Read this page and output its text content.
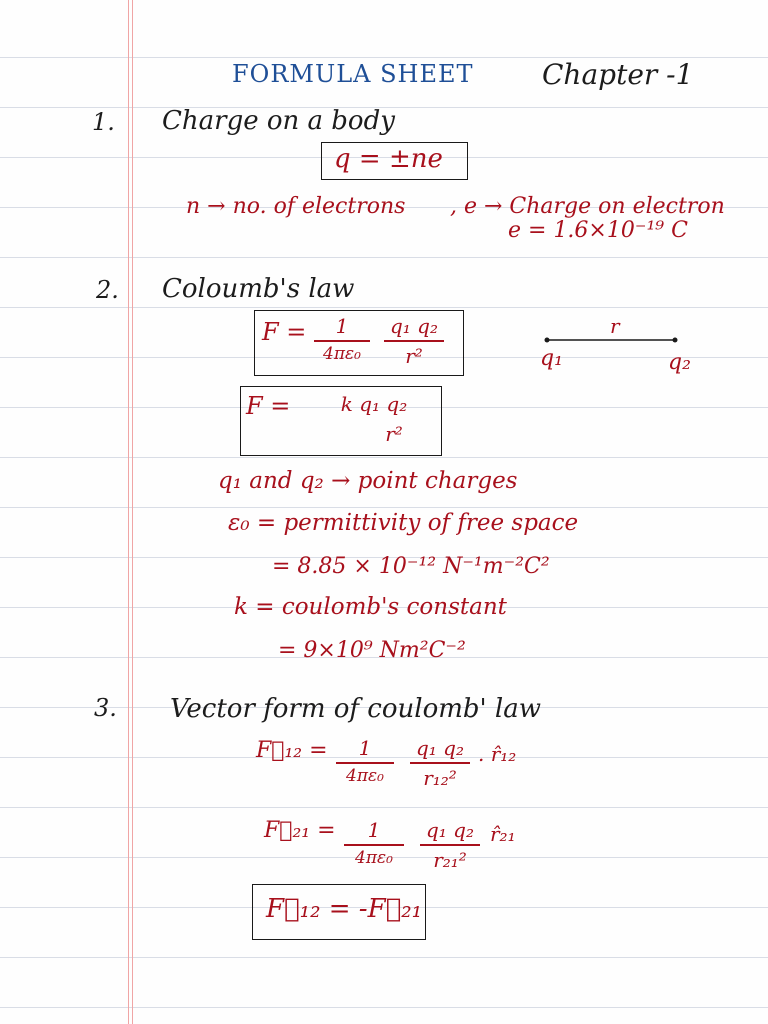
FORMULA SHEET Chapter -1
1. Charge on a body
q = ±ne
n → no. of electrons , e → Charge on electron
e = 1.6×10⁻¹⁹ C
2. Coloumb's law
F = 1
4πε₀
q₁ q₂
r²
r
q₁	q₂
F =	k q₁ q₂
r²
q₁ and q₂ → point charges
ε₀ = permittivity of free space
= 8.85 × 10⁻¹² N⁻¹m⁻²C²
k = coulomb's constant
= 9×10⁹ Nm²C⁻²
3. Vector form of coulomb' law
F⃗₁₂ = 1
4πε₀
q₁ q₂
r₁₂²
. r̂₁₂
F⃗₂₁ = 1
4πε₀
q₁ q₂
r₂₁²
r̂₂₁
F⃗₁₂ = -F⃗₂₁
